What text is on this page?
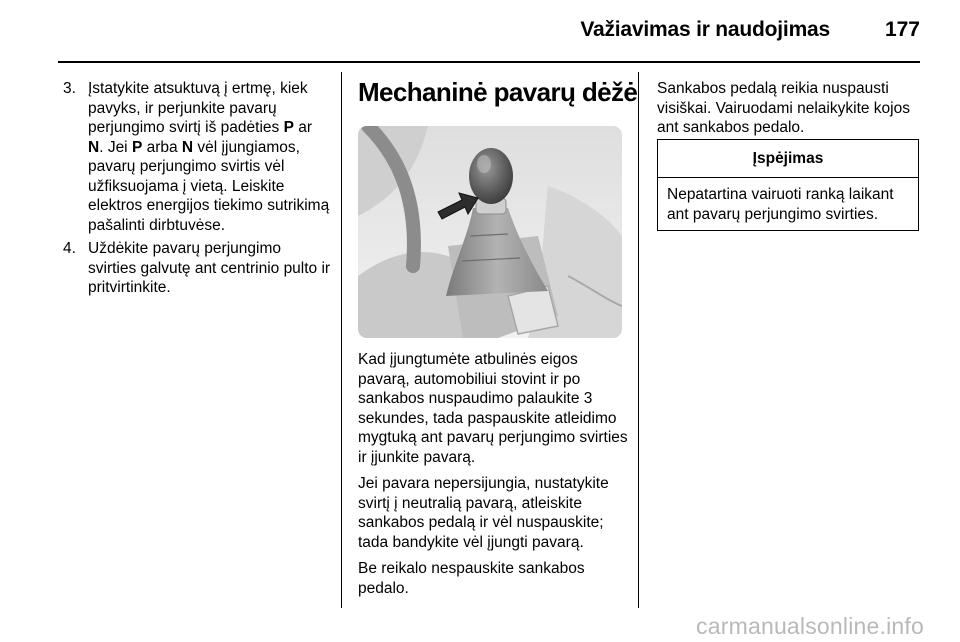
Važiavimas ir naudojimas	177
3. Įstatykite atsuktuvą į ertmę, kiek pavyks, ir perjunkite pavarų perjungimo svirtį iš padėties P ar N. Jei P arba N vėl įjungiamos, pavarų perjungimo svirtis vėl užfiksuojama į vietą. Leiskite elektros energijos tiekimo sutrikimą pašalinti dirbtuvėse.
4. Uždėkite pavarų perjungimo svirties galvutę ant centrinio pulto ir pritvirtinkite.
Mechaninė pavarų dėžė

Kad įjungtumėte atbulinės eigos pavarą, automobiliui stovint ir po sankabos nuspaudimo palaukite 3 sekundes, tada paspauskite atleidimo mygtuką ant pavarų perjungimo svirties ir įjunkite pavarą.

Jei pavara nepersijungia, nustatykite svirtį į neutralią pavarą, atleiskite sankabos pedalą ir vėl nuspauskite; tada bandykite vėl įjungti pavarą.

Be reikalo nespauskite sankabos pedalo.

Sankabos pedalą reikia nuspausti visiškai. Vairuodami nelaikykite kojos ant sankabos pedalo.
Įspėjimas
Nepatartina vairuoti ranką laikant ant pavarų perjungimo svirties.
carmanualsonline.info
